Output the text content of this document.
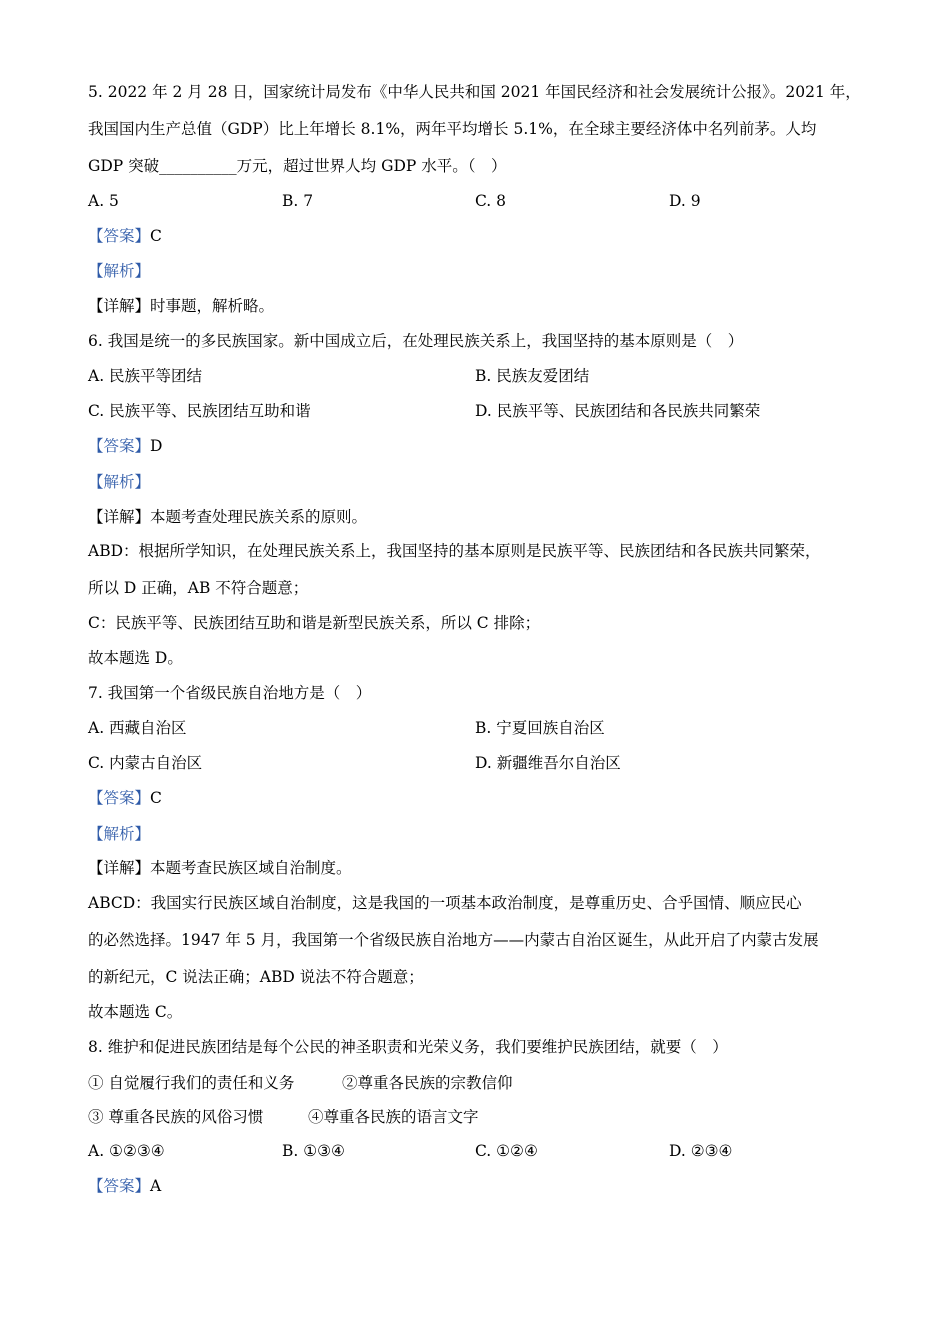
5. 2022 年 2 月 28 日，国家统计局发布《中华人民共和国 2021 年国民经济和社会发展统计公报》。2021 年，
我国国内生产总值（GDP）比上年增长 8.1%，两年平均增长 5.1%，在全球主要经济体中名列前茅。人均
GDP 突破__________万元，超过世界人均 GDP 水平。（　）
A. 5	B. 7	C. 8	D. 9
【答案】C
【解析】
【详解】时事题，解析略。
6. 我国是统一的多民族国家。新中国成立后，在处理民族关系上，我国坚持的基本原则是（　）
A. 民族平等团结	B. 民族友爱团结
C. 民族平等、民族团结互助和谐	D. 民族平等、民族团结和各民族共同繁荣
【答案】D
【解析】
【详解】本题考查处理民族关系的原则。
ABD：根据所学知识，在处理民族关系上，我国坚持的基本原则是民族平等、民族团结和各民族共同繁荣，
所以 D 正确，AB 不符合题意；
C：民族平等、民族团结互助和谐是新型民族关系，所以 C 排除；
故本题选 D。
7. 我国第一个省级民族自治地方是（　）
A. 西藏自治区	B. 宁夏回族自治区
C. 内蒙古自治区	D. 新疆维吾尔自治区
【答案】C
【解析】
【详解】本题考查民族区域自治制度。
ABCD：我国实行民族区域自治制度，这是我国的一项基本政治制度，是尊重历史、合乎国情、顺应民心
的必然选择。1947 年 5 月，我国第一个省级民族自治地方——内蒙古自治区诞生，从此开启了内蒙古发展
的新纪元，C 说法正确；ABD 说法不符合题意；
故本题选 C。
8. 维护和促进民族团结是每个公民的神圣职责和光荣义务，我们要维护民族团结，就要（　）
① 自觉履行我们的责任和义务	②尊重各民族的宗教信仰
③ 尊重各民族的风俗习惯	④尊重各民族的语言文字
A. ①②③④	B. ①③④	C. ①②④	D. ②③④
【答案】A
